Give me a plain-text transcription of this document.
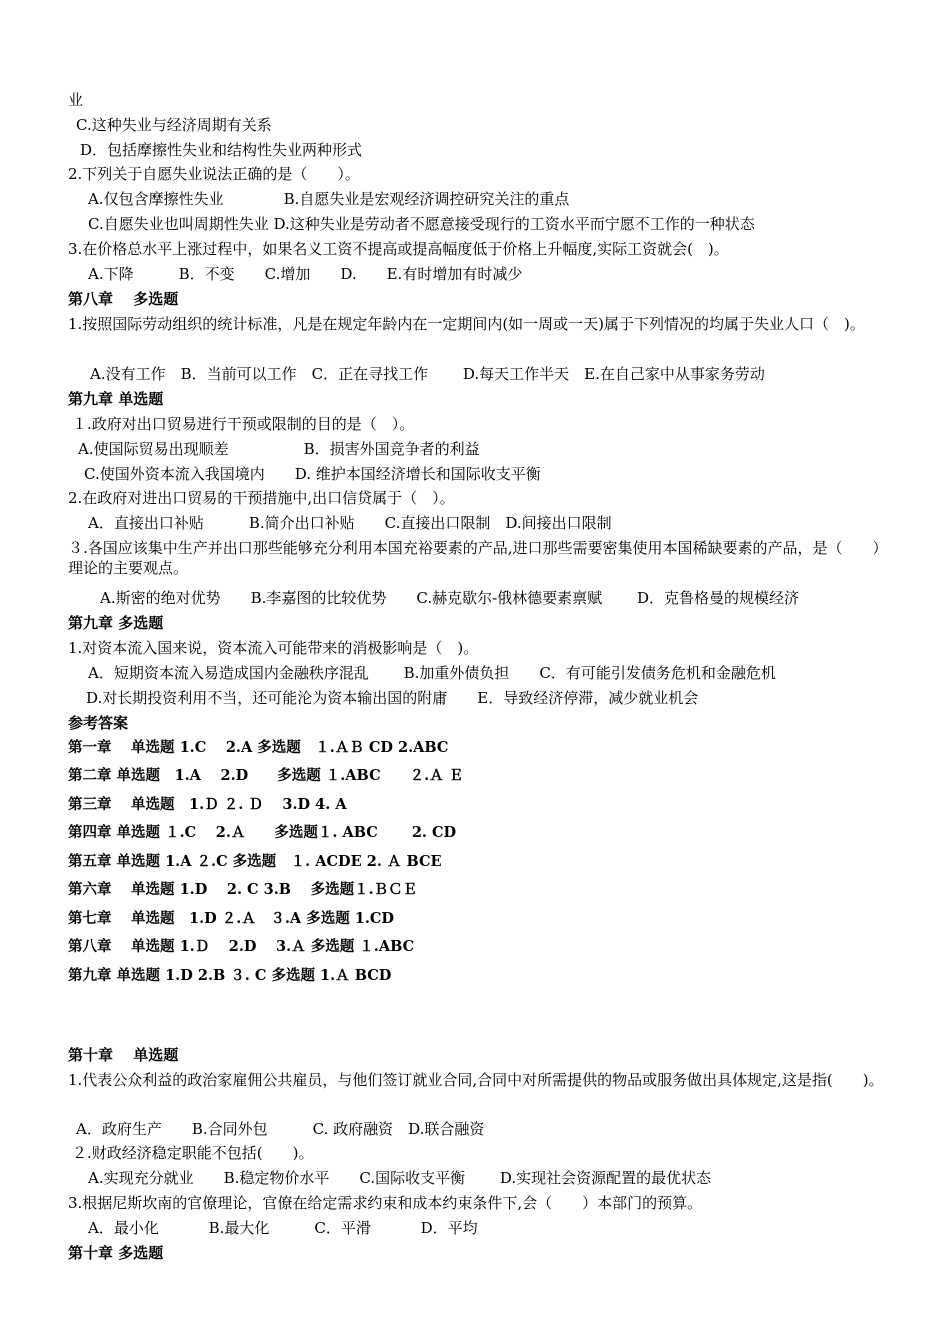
业
C.这种失业与经济周期有关系
D．包括摩擦性失业和结构性失业两种形式
2.下列关于自愿失业说法正确的是（　　）。
A.仅包含摩擦性失业　　　　B.自愿失业是宏观经济调控研究关注的重点
C.自愿失业也叫周期性失业 D.这种失业是劳动者不愿意接受现行的工资水平而宁愿不工作的一种状态
3.在价格总水平上涨过程中，如果名义工资不提高或提高幅度低于价格上升幅度,实际工资就会(　)。
A.下降　　　B．不变　　C.增加　　D.　　E.有时增加有时减少
第八章　 多选题
1.按照国际劳动组织的统计标准，凡是在规定年龄内在一定期间内(如一周或一天)属于下列情况的均属于失业人口（　)。
A.没有工作　B．当前可以工作　C．正在寻找工作　　 D.每天工作半天　E.在自己家中从事家务劳动
第九章 单选题
１.政府对出口贸易进行干预或限制的目的是（　）。
A.使国际贸易出现顺差　　　　　B．损害外国竞争者的利益
C.使国外资本流入我国境内　　D. 维护本国经济增长和国际收支平衡
2.在政府对进出口贸易的干预措施中,出口信贷属于（　）。
A．直接出口补贴　　　B.简介出口补贴　　C.直接出口限制　D.间接出口限制
３.各国应该集中生产并出口那些能够充分利用本国充裕要素的产品,进口那些需要密集使用本国稀缺要素的产品，是（　　）理论的主要观点。
A.斯密的绝对优势　　B.李嘉图的比较优势　　C.赫克歇尔-俄林德要素禀赋　　 D．克鲁格曼的规模经济
第九章 多选题
1.对资本流入国来说，资本流入可能带来的消极影响是（　)。
A．短期资本流入易造成国内金融秩序混乱　　 B.加重外债负担　　C．有可能引发债务危机和金融危机
D.对长期投资利用不当，还可能沦为资本输出国的附庸　　E．导致经济停滞，减少就业机会
参考答案
第一章　 单选题 1.C　 2.A 多选题　１.ＡＢ CD 2.ABC
第二章 单选题　1.A　 2.D　　多选题 １.ABC　　２.Ａ Ｅ
第三章　 单选题　1.Ｄ ２. Ｄ　 3.D 4. A
第四章 单选题 １.C　 2.Ａ　　多选题１. ABC　　 2. CD
第五章 单选题 1.A ２.C 多选题　１. ACDE 2. Ａ BCE
第六章　 单选题 1.D　 2. C 3.B　 多选题１.ＢＣＥ
第七章　 单选题　1.D ２.Ａ　３.A 多选题 1.CD
第八章　 单选题 1.Ｄ　 2.D　 3.Ａ 多选题 １.ABC
第九章 单选题 1.D 2.B ３. C 多选题 1.Ａ BCD
第十章　 单选题
1.代表公众利益的政治家雇佣公共雇员，与他们签订就业合同,合同中对所需提供的物品或服务做出具体规定,这是指(　　)。
A．政府生产　　B.合同外包　　　C. 政府融资　D.联合融资
２.财政经济稳定职能不包括(　　)。
A.实现充分就业　　B.稳定物价水平　　C.国际收支平衡　　 D.实现社会资源配置的最优状态
3.根据尼斯坎南的官僚理论，官僚在给定需求约束和成本约束条件下,会（　　）本部门的预算。
A．最小化　　　 B.最大化　　　C．平滑　　　 D．平均
第十章 多选题
